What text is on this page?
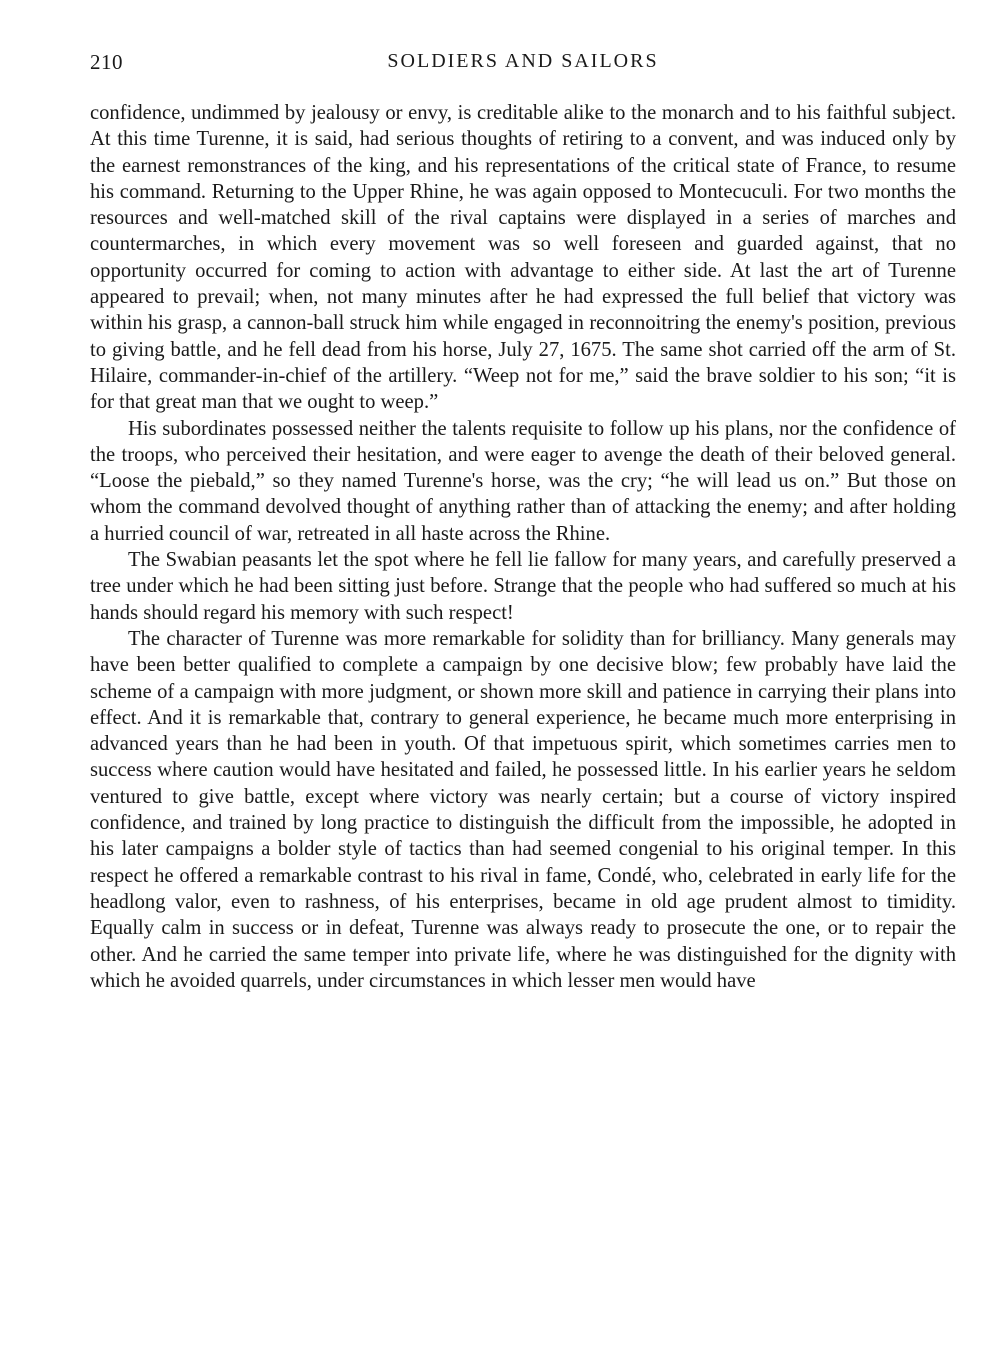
210	SOLDIERS AND SAILORS

confidence, undimmed by jealousy or envy, is creditable alike to the monarch and to his faithful subject. At this time Turenne, it is said, had serious thoughts of retiring to a convent, and was induced only by the earnest remonstrances of the king, and his representations of the critical state of France, to resume his command. Returning to the Upper Rhine, he was again opposed to Montecuculi. For two months the resources and well-matched skill of the rival captains were displayed in a series of marches and countermarches, in which every movement was so well foreseen and guarded against, that no opportunity occurred for coming to action with advantage to either side. At last the art of Turenne appeared to prevail; when, not many minutes after he had expressed the full belief that victory was within his grasp, a cannon-ball struck him while engaged in reconnoitring the enemy's position, previous to giving battle, and he fell dead from his horse, July 27, 1675. The same shot carried off the arm of St. Hilaire, commander-in-chief of the artillery. “Weep not for me,” said the brave soldier to his son; “it is for that great man that we ought to weep.”

His subordinates possessed neither the talents requisite to follow up his plans, nor the confidence of the troops, who perceived their hesitation, and were eager to avenge the death of their beloved general. “Loose the piebald,” so they named Turenne's horse, was the cry; “he will lead us on.” But those on whom the command devolved thought of anything rather than of attacking the enemy; and after holding a hurried council of war, retreated in all haste across the Rhine.

The Swabian peasants let the spot where he fell lie fallow for many years, and carefully preserved a tree under which he had been sitting just before. Strange that the people who had suffered so much at his hands should regard his memory with such respect!

The character of Turenne was more remarkable for solidity than for brilliancy. Many generals may have been better qualified to complete a campaign by one decisive blow; few probably have laid the scheme of a campaign with more judgment, or shown more skill and patience in carrying their plans into effect. And it is remarkable that, contrary to general experience, he became much more enterprising in advanced years than he had been in youth. Of that impetuous spirit, which sometimes carries men to success where caution would have hesitated and failed, he possessed little. In his earlier years he seldom ventured to give battle, except where victory was nearly certain; but a course of victory inspired confidence, and trained by long practice to distinguish the difficult from the impossible, he adopted in his later campaigns a bolder style of tactics than had seemed congenial to his original temper. In this respect he offered a remarkable contrast to his rival in fame, Condé, who, celebrated in early life for the headlong valor, even to rashness, of his enterprises, became in old age prudent almost to timidity. Equally calm in success or in defeat, Turenne was always ready to prosecute the one, or to repair the other. And he carried the same temper into private life, where he was distinguished for the dignity with which he avoided quarrels, under circumstances in which lesser men would have
